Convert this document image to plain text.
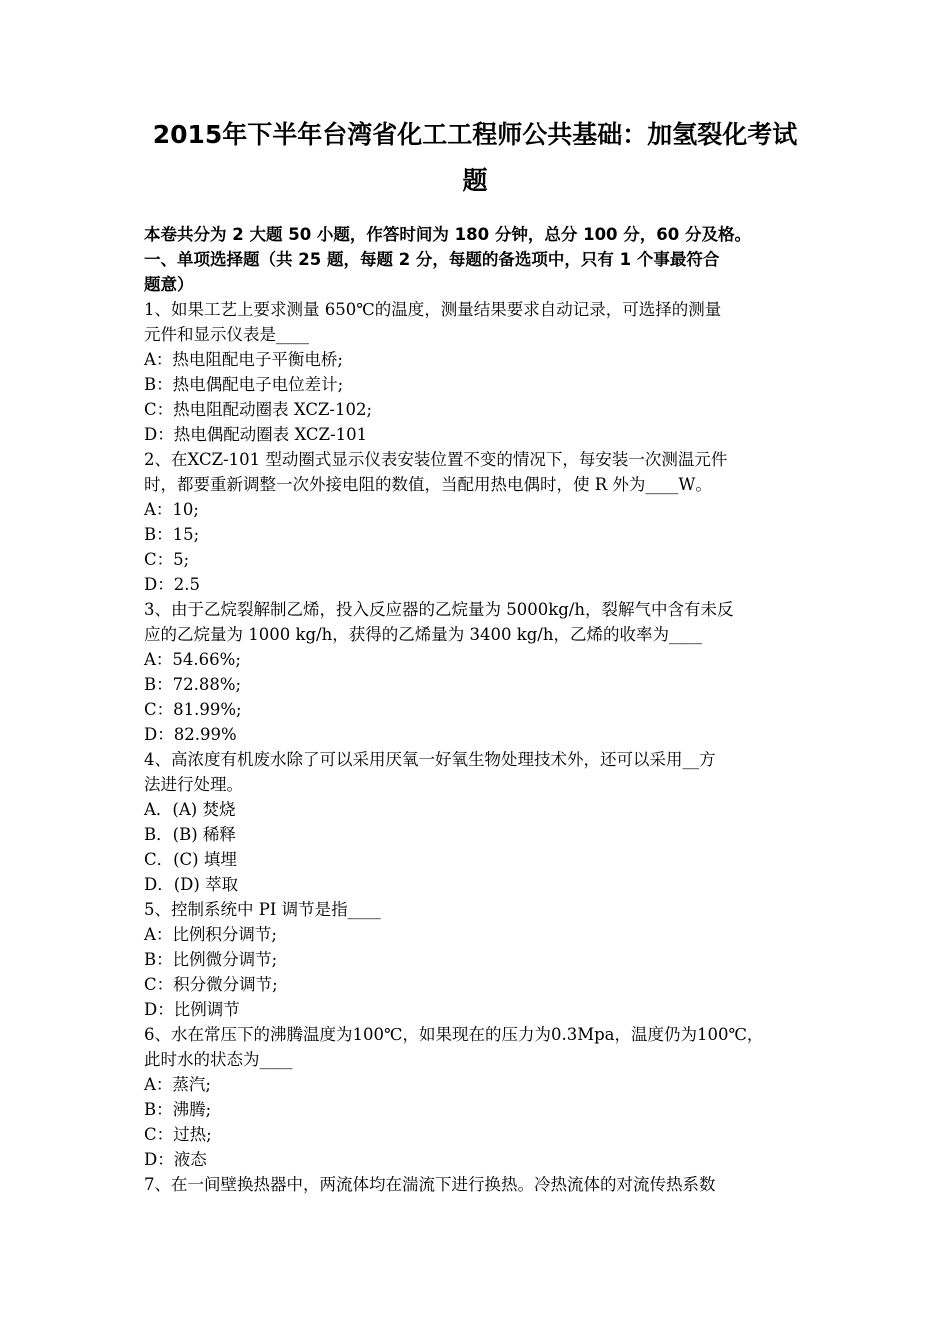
2015年下半年台湾省化工工程师公共基础：加氢裂化考试
题
本卷共分为 2 大题 50 小题，作答时间为 180 分钟，总分 100 分，60 分及格。
一、单项选择题（共 25 题，每题 2 分，每题的备选项中，只有 1 个事最符合
题意）
1、如果工艺上要求测量 650℃的温度，测量结果要求自动记录，可选择的测量
元件和显示仪表是____
A：热电阻配电子平衡电桥;
B：热电偶配电子电位差计;
C：热电阻配动圈表 XCZ-102;
D：热电偶配动圈表 XCZ-101
2、在XCZ-101 型动圈式显示仪表安装位置不变的情况下，每安装一次测温元件
时，都要重新调整一次外接电阻的数值，当配用热电偶时，使 R 外为____W。
A：10;
B：15;
C：5;
D：2.5
3、由于乙烷裂解制乙烯，投入反应器的乙烷量为 5000kg/h，裂解气中含有未反
应的乙烷量为 1000 kg/h，获得的乙烯量为 3400 kg/h，乙烯的收率为____
A：54.66%;
B：72.88%;
C：81.99%;
D：82.99%
4、高浓度有机废水除了可以采用厌氧一好氧生物处理技术外，还可以采用__方
法进行处理。
A．(A) 焚烧
B．(B) 稀释
C．(C) 填埋
D．(D) 萃取
5、控制系统中 PI 调节是指____
A：比例积分调节;
B：比例微分调节;
C：积分微分调节;
D：比例调节
6、水在常压下的沸腾温度为100℃，如果现在的压力为0.3Mpa，温度仍为100℃，
此时水的状态为____
A：蒸汽;
B：沸腾;
C：过热;
D：液态
7、在一间壁换热器中，两流体均在湍流下进行换热。冷热流体的对流传热系数
